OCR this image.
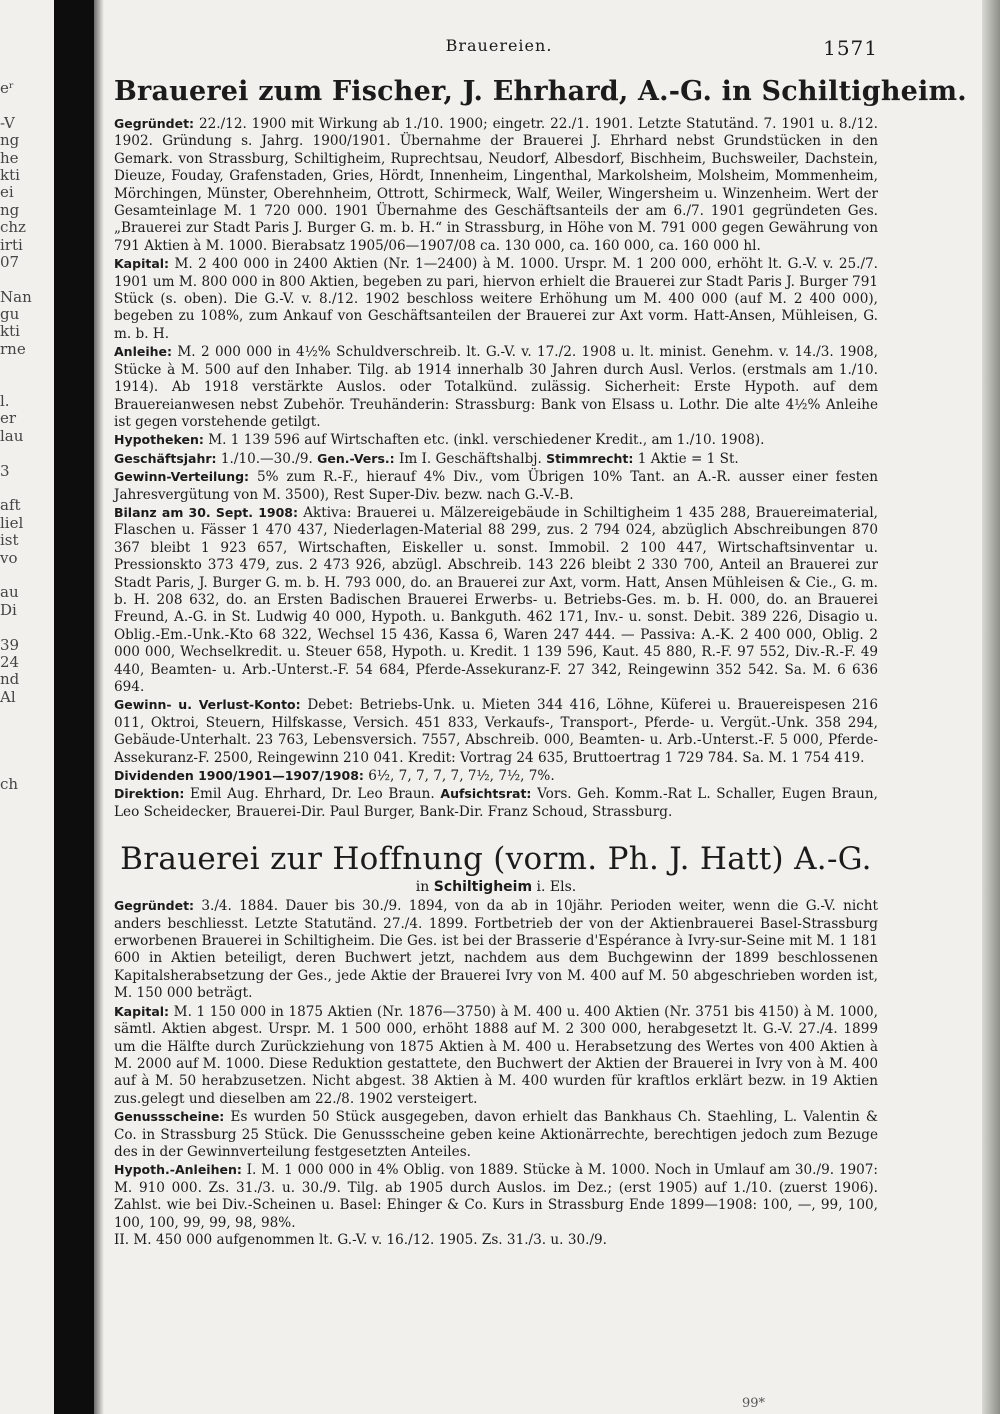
eʳ
-V
ng
he
kti
ei
ng
chz
irti
07
Nan
gu
kti
rne
l.
er
lau
3
aft
liel
ist
vo
au
Di
39
24
nd
Al
ch
Brauereien.	1571
Brauerei zum Fischer, J. Ehrhard, A.-G. in Schiltigheim.

Gegründet: 22./12. 1900 mit Wirkung ab 1./10. 1900; eingetr. 22./1. 1901. Letzte Statutänd. 7. 1901 u. 8./12. 1902. Gründung s. Jahrg. 1900/1901. Übernahme der Brauerei J. Ehrhard nebst Grundstücken in den Gemark. von Strassburg, Schiltigheim, Ruprechtsau, Neudorf, Albesdorf, Bischheim, Buchsweiler, Dachstein, Dieuze, Fouday, Grafenstaden, Gries, Hördt, Innenheim, Lingenthal, Markolsheim, Molsheim, Mommenheim, Mörchingen, Münster, Oberehnheim, Ottrott, Schirmeck, Walf, Weiler, Wingersheim u. Winzenheim. Wert der Gesamteinlage M. 1 720 000. 1901 Übernahme des Geschäftsanteils der am 6./7. 1901 gegründeten Ges. „Brauerei zur Stadt Paris J. Burger G. m. b. H.“ in Strassburg, in Höhe von M. 791 000 gegen Gewährung von 791 Aktien à M. 1000. Bierabsatz 1905/06—1907/08 ca. 130 000, ca. 160 000, ca. 160 000 hl.

Kapital: M. 2 400 000 in 2400 Aktien (Nr. 1—2400) à M. 1000. Urspr. M. 1 200 000, erhöht lt. G.-V. v. 25./7. 1901 um M. 800 000 in 800 Aktien, begeben zu pari, hiervon erhielt die Brauerei zur Stadt Paris J. Burger 791 Stück (s. oben). Die G.-V. v. 8./12. 1902 beschloss weitere Erhöhung um M. 400 000 (auf M. 2 400 000), begeben zu 108%, zum Ankauf von Geschäftsanteilen der Brauerei zur Axt vorm. Hatt-Ansen, Mühleisen, G. m. b. H.

Anleihe: M. 2 000 000 in 4½% Schuldverschreib. lt. G.-V. v. 17./2. 1908 u. lt. minist. Genehm. v. 14./3. 1908, Stücke à M. 500 auf den Inhaber. Tilg. ab 1914 innerhalb 30 Jahren durch Ausl. Verlos. (erstmals am 1./10. 1914). Ab 1918 verstärkte Auslos. oder Totalkünd. zulässig. Sicherheit: Erste Hypoth. auf dem Brauereianwesen nebst Zubehör. Treuhänderin: Strassburg: Bank von Elsass u. Lothr. Die alte 4½% Anleihe ist gegen vorstehende getilgt.

Hypotheken: M. 1 139 596 auf Wirtschaften etc. (inkl. verschiedener Kredit., am 1./10. 1908).

Geschäftsjahr: 1./10.—30./9. Gen.-Vers.: Im I. Geschäftshalbj. Stimmrecht: 1 Aktie = 1 St.

Gewinn-Verteilung: 5% zum R.-F., hierauf 4% Div., vom Übrigen 10% Tant. an A.-R. ausser einer festen Jahresvergütung von M. 3500), Rest Super-Div. bezw. nach G.-V.-B.

Bilanz am 30. Sept. 1908: Aktiva: Brauerei u. Mälzereigebäude in Schiltigheim 1 435 288, Brauereimaterial, Flaschen u. Fässer 1 470 437, Niederlagen-Material 88 299, zus. 2 794 024, abzüglich Abschreibungen 870 367 bleibt 1 923 657, Wirtschaften, Eiskeller u. sonst. Immobil. 2 100 447, Wirtschaftsinventar u. Pressionskto 373 479, zus. 2 473 926, abzügl. Abschreib. 143 226 bleibt 2 330 700, Anteil an Brauerei zur Stadt Paris, J. Burger G. m. b. H. 793 000, do. an Brauerei zur Axt, vorm. Hatt, Ansen Mühleisen & Cie., G. m. b. H. 208 632, do. an Ersten Badischen Brauerei Erwerbs- u. Betriebs-Ges. m. b. H. 000, do. an Brauerei Freund, A.-G. in St. Ludwig 40 000, Hypoth. u. Bankguth. 462 171, Inv.- u. sonst. Debit. 389 226, Disagio u. Oblig.-Em.-Unk.-Kto 68 322, Wechsel 15 436, Kassa 6, Waren 247 444. — Passiva: A.-K. 2 400 000, Oblig. 2 000 000, Wechselkredit. u. Steuer 658, Hypoth. u. Kredit. 1 139 596, Kaut. 45 880, R.-F. 97 552, Div.-R.-F. 49 440, Beamten- u. Arb.-Unterst.-F. 54 684, Pferde-Assekuranz-F. 27 342, Reingewinn 352 542. Sa. M. 6 636 694.

Gewinn- u. Verlust-Konto: Debet: Betriebs-Unk. u. Mieten 344 416, Löhne, Küferei u. Brauereispesen 216 011, Oktroi, Steuern, Hilfskasse, Versich. 451 833, Verkaufs-, Transport-, Pferde- u. Vergüt.-Unk. 358 294, Gebäude-Unterhalt. 23 763, Lebensversich. 7557, Abschreib. 000, Beamten- u. Arb.-Unterst.-F. 5 000, Pferde-Assekuranz-F. 2500, Reingewinn 210 041. Kredit: Vortrag 24 635, Bruttoertrag 1 729 784. Sa. M. 1 754 419.

Dividenden 1900/1901—1907/1908: 6½, 7, 7, 7, 7, 7½, 7½, 7%.

Direktion: Emil Aug. Ehrhard, Dr. Leo Braun. Aufsichtsrat: Vors. Geh. Komm.-Rat L. Schaller, Eugen Braun, Leo Scheidecker, Brauerei-Dir. Paul Burger, Bank-Dir. Franz Schoud, Strassburg.

Brauerei zur Hoffnung (vorm. Ph. J. Hatt) A.-G.
in Schiltigheim i. Els.

Gegründet: 3./4. 1884. Dauer bis 30./9. 1894, von da ab in 10jähr. Perioden weiter, wenn die G.-V. nicht anders beschliesst. Letzte Statutänd. 27./4. 1899. Fortbetrieb der von der Aktienbrauerei Basel-Strassburg erworbenen Brauerei in Schiltigheim. Die Ges. ist bei der Brasserie d'Espérance à Ivry-sur-Seine mit M. 1 181 600 in Aktien beteiligt, deren Buchwert jetzt, nachdem aus dem Buchgewinn der 1899 beschlossenen Kapitalsherabsetzung der Ges., jede Aktie der Brauerei Ivry von M. 400 auf M. 50 abgeschrieben worden ist, M. 150 000 beträgt.

Kapital: M. 1 150 000 in 1875 Aktien (Nr. 1876—3750) à M. 400 u. 400 Aktien (Nr. 3751 bis 4150) à M. 1000, sämtl. Aktien abgest. Urspr. M. 1 500 000, erhöht 1888 auf M. 2 300 000, herabgesetzt lt. G.-V. 27./4. 1899 um die Hälfte durch Zurückziehung von 1875 Aktien à M. 400 u. Herabsetzung des Wertes von 400 Aktien à M. 2000 auf M. 1000. Diese Reduktion gestattete, den Buchwert der Aktien der Brauerei in Ivry von à M. 400 auf à M. 50 herabzusetzen. Nicht abgest. 38 Aktien à M. 400 wurden für kraftlos erklärt bezw. in 19 Aktien zus.gelegt und dieselben am 22./8. 1902 versteigert.

Genussscheine: Es wurden 50 Stück ausgegeben, davon erhielt das Bankhaus Ch. Staehling, L. Valentin & Co. in Strassburg 25 Stück. Die Genussscheine geben keine Aktionärrechte, berechtigen jedoch zum Bezuge des in der Gewinnverteilung festgesetzten Anteiles.

Hypoth.-Anleihen: I. M. 1 000 000 in 4% Oblig. von 1889. Stücke à M. 1000. Noch in Umlauf am 30./9. 1907: M. 910 000. Zs. 31./3. u. 30./9. Tilg. ab 1905 durch Auslos. im Dez.; (erst 1905) auf 1./10. (zuerst 1906). Zahlst. wie bei Div.-Scheinen u. Basel: Ehinger & Co. Kurs in Strassburg Ende 1899—1908: 100, —, 99, 100, 100, 100, 99, 99, 98, 98%.

II. M. 450 000 aufgenommen lt. G.-V. v. 16./12. 1905. Zs. 31./3. u. 30./9.

99*
